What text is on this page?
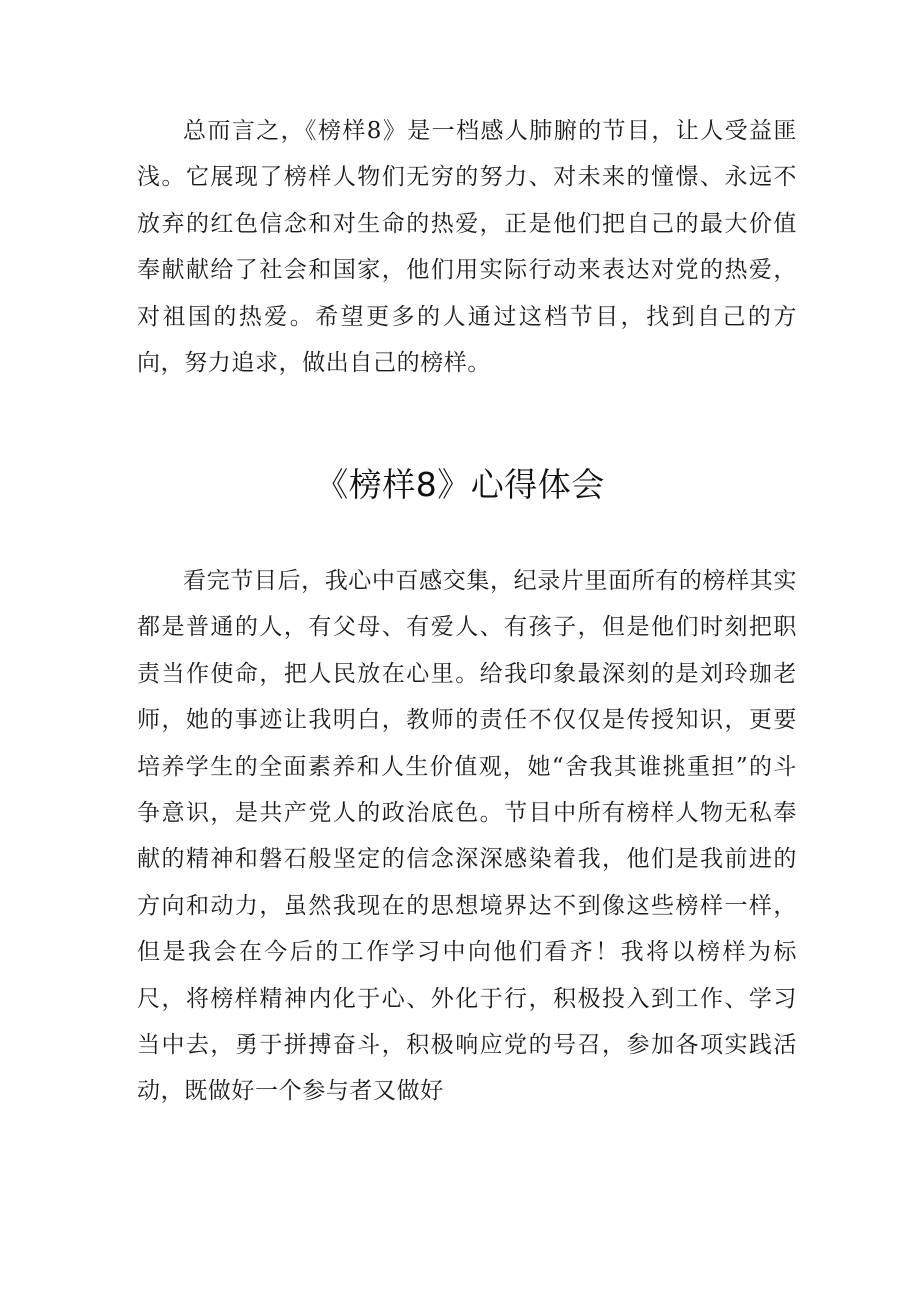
总而言之，《榜样8》是一档感人肺腑的节目，让人受益匪浅。它展现了榜样人物们无穷的努力、对未来的憧憬、永远不放弃的红色信念和对生命的热爱，正是他们把自己的最大价值奉献献给了社会和国家，他们用实际行动来表达对党的热爱，对祖国的热爱。希望更多的人通过这档节目，找到自己的方向，努力追求，做出自己的榜样。

《榜样8》心得体会

看完节目后，我心中百感交集，纪录片里面所有的榜样其实都是普通的人，有父母、有爱人、有孩子，但是他们时刻把职责当作使命，把人民放在心里。给我印象最深刻的是刘玲珈老师，她的事迹让我明白，教师的责任不仅仅是传授知识，更要培养学生的全面素养和人生价值观，她“舍我其谁挑重担”的斗争意识，是共产党人的政治底色。节目中所有榜样人物无私奉献的精神和磐石般坚定的信念深深感染着我，他们是我前进的方向和动力，虽然我现在的思想境界达不到像这些榜样一样，但是我会在今后的工作学习中向他们看齐！我将以榜样为标尺，将榜样精神内化于心、外化于行，积极投入到工作、学习当中去，勇于拼搏奋斗，积极响应党的号召，参加各项实践活动，既做好一个参与者又做好
